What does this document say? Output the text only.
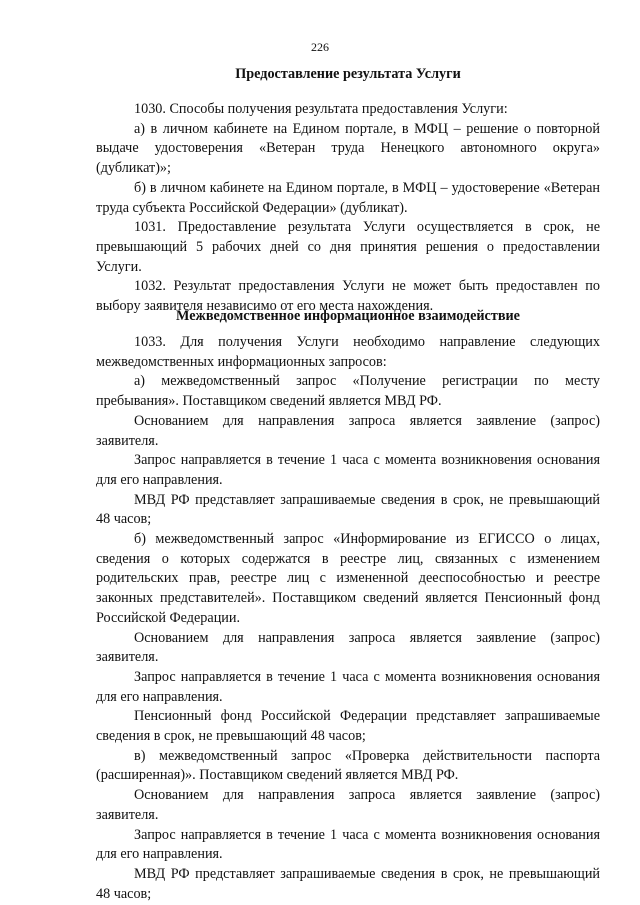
226
Предоставление результата Услуги

1030. Способы получения результата предоставления Услуги:

а) в личном кабинете на Едином портале, в МФЦ – решение о повторной выдаче удостоверения «Ветеран труда Ненецкого автономного округа» (дубликат)»;

б) в личном кабинете на Едином портале, в МФЦ – удостоверение «Ветеран труда субъекта Российской Федерации» (дубликат).

1031. Предоставление результата Услуги осуществляется в срок, не превышающий 5 рабочих дней со дня принятия решения о предоставлении Услуги.

1032. Результат предоставления Услуги не может быть предоставлен по выбору заявителя независимо от его места нахождения.

Межведомственное информационное взаимодействие

1033. Для получения Услуги необходимо направление следующих межведомственных информационных запросов:

а) межведомственный запрос «Получение регистрации по месту пребывания». Поставщиком сведений является МВД РФ.

Основанием для направления запроса является заявление (запрос) заявителя.

Запрос направляется в течение 1 часа с момента возникновения основания для его направления.

МВД РФ представляет запрашиваемые сведения в срок, не превышающий 48 часов;

б) межведомственный запрос «Информирование из ЕГИССО о лицах, сведения о которых содержатся в реестре лиц, связанных с изменением родительских прав, реестре лиц с измененной дееспособностью и реестре законных представителей». Поставщиком сведений является Пенсионный фонд Российской Федерации.

Основанием для направления запроса является заявление (запрос) заявителя.

Запрос направляется в течение 1 часа с момента возникновения основания для его направления.

Пенсионный фонд Российской Федерации представляет запрашиваемые сведения в срок, не превышающий 48 часов;

в) межведомственный запрос «Проверка действительности паспорта (расширенная)». Поставщиком сведений является МВД РФ.

Основанием для направления запроса является заявление (запрос) заявителя.

Запрос направляется в течение 1 часа с момента возникновения основания для его направления.

МВД РФ представляет запрашиваемые сведения в срок, не превышающий 48 часов;
